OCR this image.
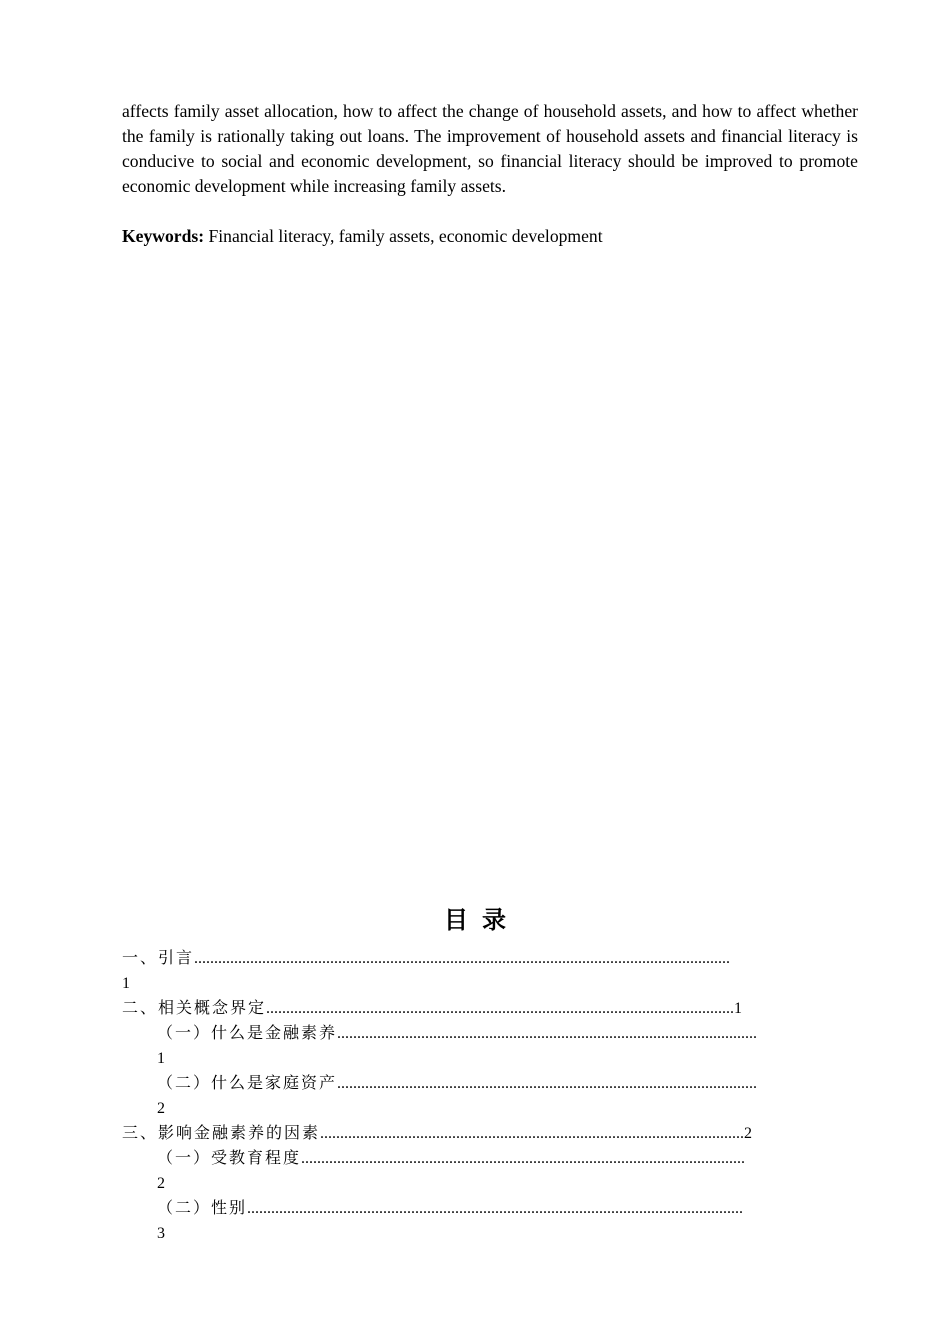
affects family asset allocation, how to affect the change of household assets, and how to affect whether the family is rationally taking out loans. The improvement of household assets and financial literacy is conducive to social and economic development, so financial literacy should be improved to promote economic development while increasing family assets.

Keywords: Financial literacy, family assets, economic development

目录
一、引言......................................................................................................................................
1
二、相关概念界定.....................................................................................................................1
（一）什么是金融素养.........................................................................................................
1
（二）什么是家庭资产.........................................................................................................
2
三、影响金融素养的因素..........................................................................................................2
（一）受教育程度...............................................................................................................
2
（二）性别............................................................................................................................
3
